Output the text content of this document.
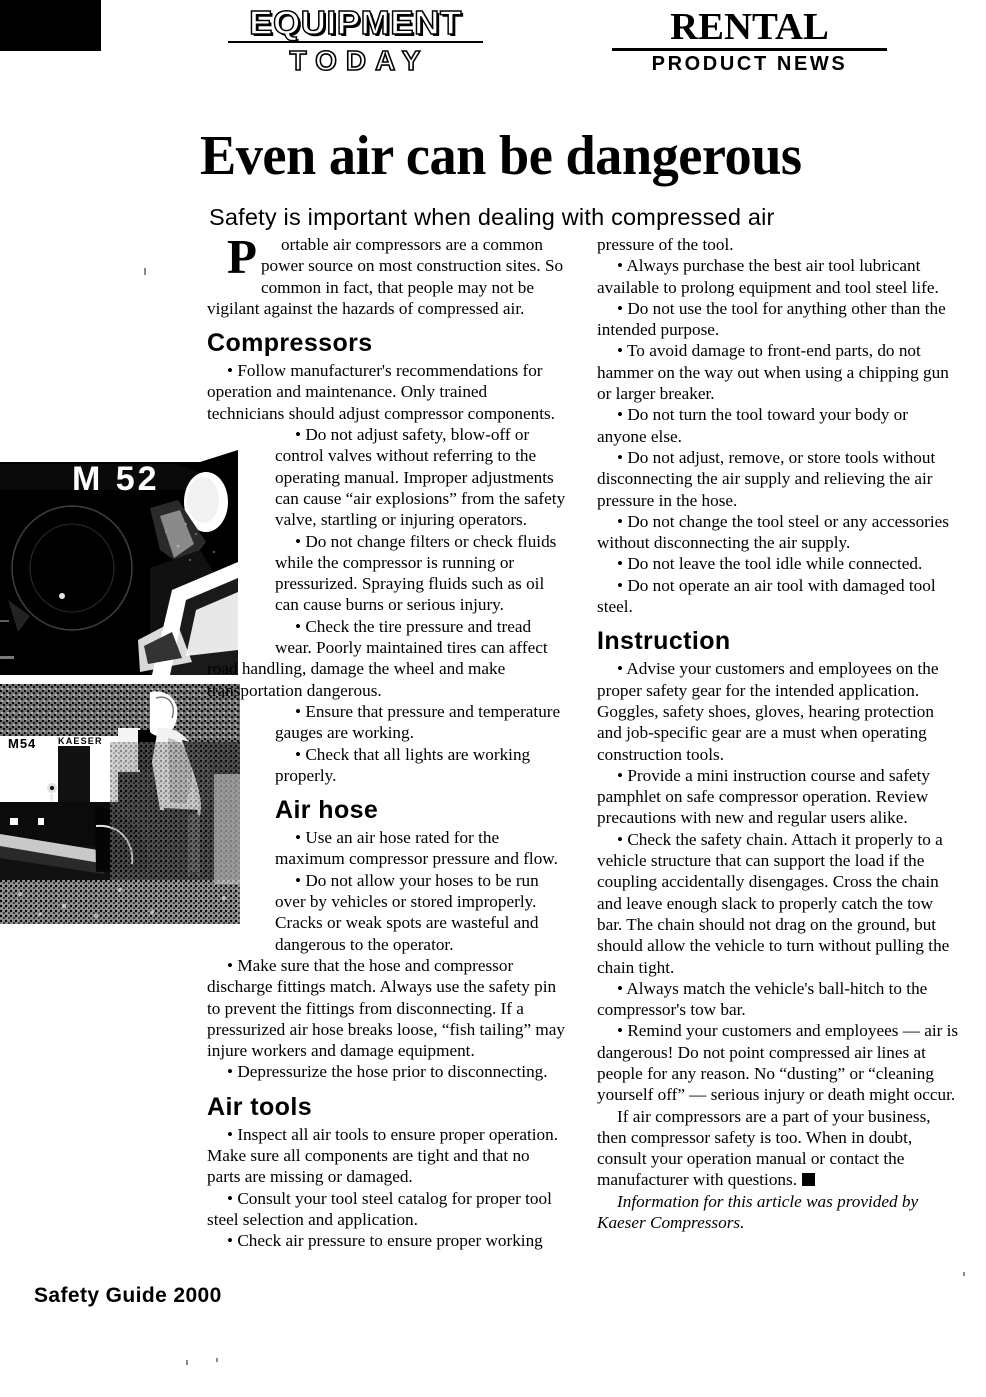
EQUIPMENT
TODAY
RENTAL
PRODUCT NEWS
Even air can be dangerous
Safety is important when dealing with compressed air
M 52
M54 KAESER

P ortable air compressors are a common power source on most construction sites. So common in fact, that people may not be vigilant against the hazards of compressed air.

Compressors

• Follow manufacturer's recommendations for operation and maintenance. Only trained technicians should adjust compressor components.

• Do not adjust safety, blow-off or control valves without referring to the operating manual. Improper adjustments can cause “air explosions” from the safety valve, startling or injuring operators.

• Do not change filters or check fluids while the compressor is running or pressurized. Spraying fluids such as oil can cause burns or serious injury.

• Check the tire pressure and tread wear. Poorly maintained tires can affect road handling, damage the wheel and make transportation dangerous.

• Ensure that pressure and temperature gauges are working.

• Check that all lights are working properly.

Air hose

• Use an air hose rated for the maximum compressor pressure and flow.

• Do not allow your hoses to be run over by vehicles or stored improperly. Cracks or weak spots are wasteful and dangerous to the operator.

• Make sure that the hose and compressor discharge fittings match. Always use the safety pin to prevent the fittings from disconnecting. If a pressurized air hose breaks loose, “fish tailing” may injure workers and damage equipment.

• Depressurize the hose prior to disconnecting.

Air tools

• Inspect all air tools to ensure proper operation. Make sure all components are tight and that no parts are missing or damaged.

• Consult your tool steel catalog for proper tool steel selection and application.

• Check air pressure to ensure proper working

pressure of the tool.

• Always purchase the best air tool lubricant available to prolong equipment and tool steel life.

• Do not use the tool for anything other than the intended purpose.

• To avoid damage to front-end parts, do not hammer on the way out when using a chipping gun or larger breaker.

• Do not turn the tool toward your body or anyone else.

• Do not adjust, remove, or store tools without disconnecting the air supply and relieving the air pressure in the hose.

• Do not change the tool steel or any accessories without disconnecting the air supply.

• Do not leave the tool idle while connected.

• Do not operate an air tool with damaged tool steel.

Instruction

• Advise your customers and employees on the proper safety gear for the intended application. Goggles, safety shoes, gloves, hearing protection and job-specific gear are a must when operating construction tools.

• Provide a mini instruction course and safety pamphlet on safe compressor operation. Review precautions with new and regular users alike.

• Check the safety chain. Attach it properly to a vehicle structure that can support the load if the coupling accidentally disengages. Cross the chain and leave enough slack to properly catch the tow bar. The chain should not drag on the ground, but should allow the vehicle to turn without pulling the chain tight.

• Always match the vehicle's ball-hitch to the compressor's tow bar.

• Remind your customers and employees — air is dangerous! Do not point compressed air lines at people for any reason. No “dusting” or “cleaning yourself off” — serious injury or death might occur.

If air compressors are a part of your business, then compressor safety is too. When in doubt, consult your operation manual or contact the manufacturer with questions.

Information for this article was provided by Kaeser Compressors.

Safety Guide 2000
